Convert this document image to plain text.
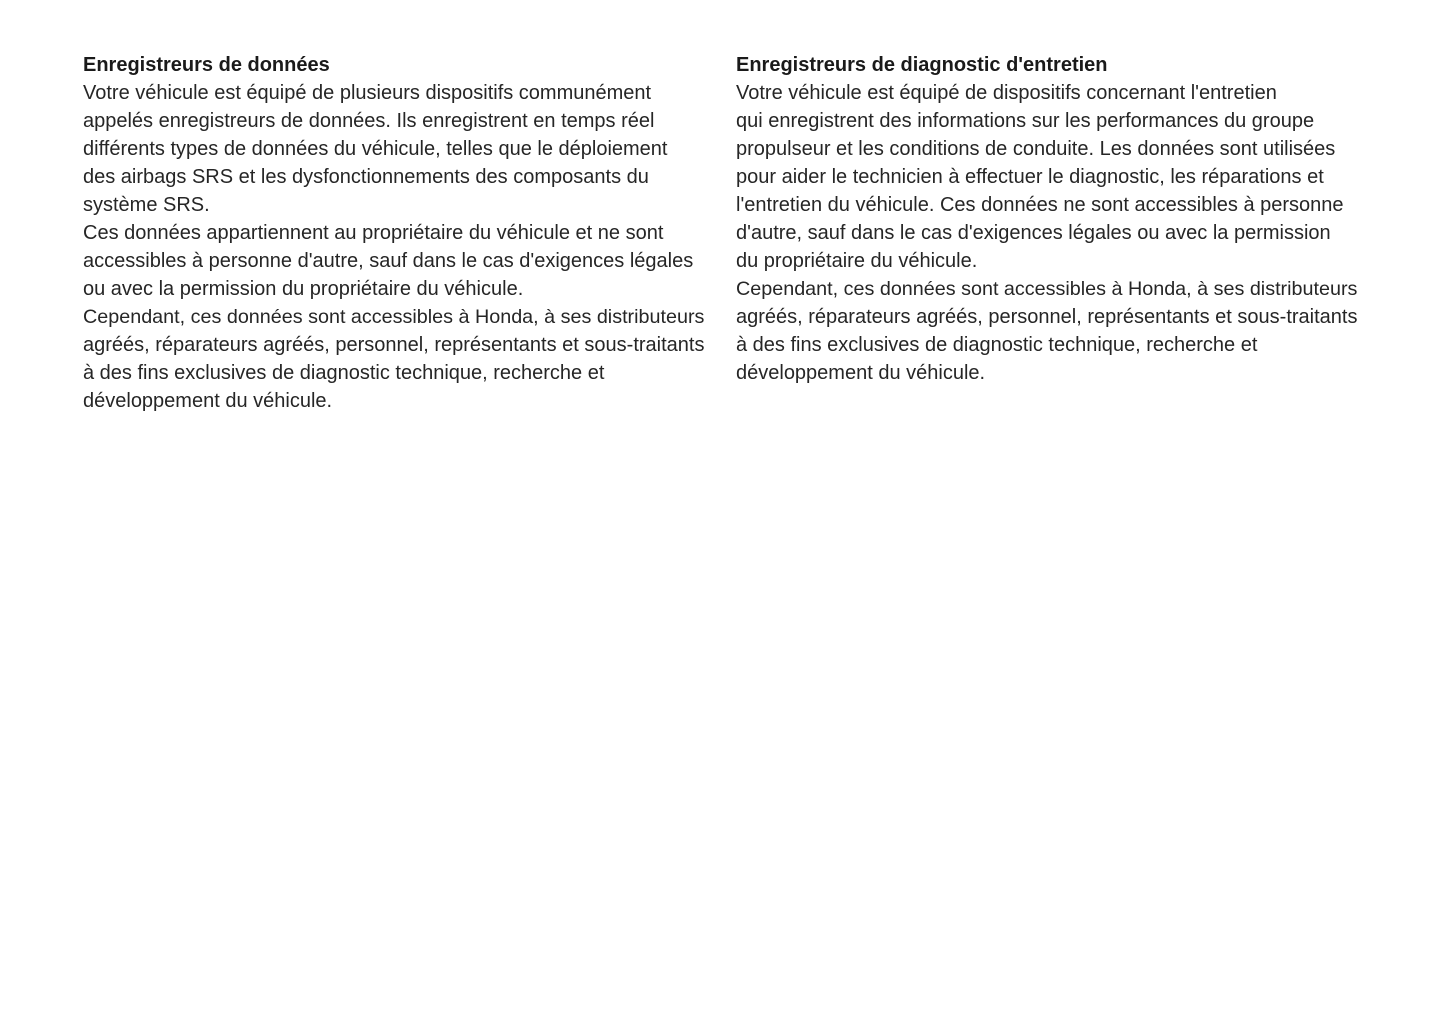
Enregistreurs de données

Votre véhicule est équipé de plusieurs dispositifs communément

appelés enregistreurs de données. Ils enregistrent en temps réel

différents types de données du véhicule, telles que le déploiement

des airbags SRS et les dysfonctionnements des composants du

système SRS.

Ces données appartiennent au propriétaire du véhicule et ne sont

accessibles à personne d'autre, sauf dans le cas d'exigences légales

ou avec la permission du propriétaire du véhicule.

Cependant, ces données sont accessibles à Honda, à ses distributeurs

agréés, réparateurs agréés, personnel, représentants et sous-traitants

à des fins exclusives de diagnostic technique, recherche et

développement du véhicule.

Enregistreurs de diagnostic d'entretien

Votre véhicule est équipé de dispositifs concernant l'entretien

qui enregistrent des informations sur les performances du groupe

propulseur et les conditions de conduite. Les données sont utilisées

pour aider le technicien à effectuer le diagnostic, les réparations et

l'entretien du véhicule. Ces données ne sont accessibles à personne

d'autre, sauf dans le cas d'exigences légales ou avec la permission

du propriétaire du véhicule.

Cependant, ces données sont accessibles à Honda, à ses distributeurs

agréés, réparateurs agréés, personnel, représentants et sous-traitants

à des fins exclusives de diagnostic technique, recherche et

développement du véhicule.
